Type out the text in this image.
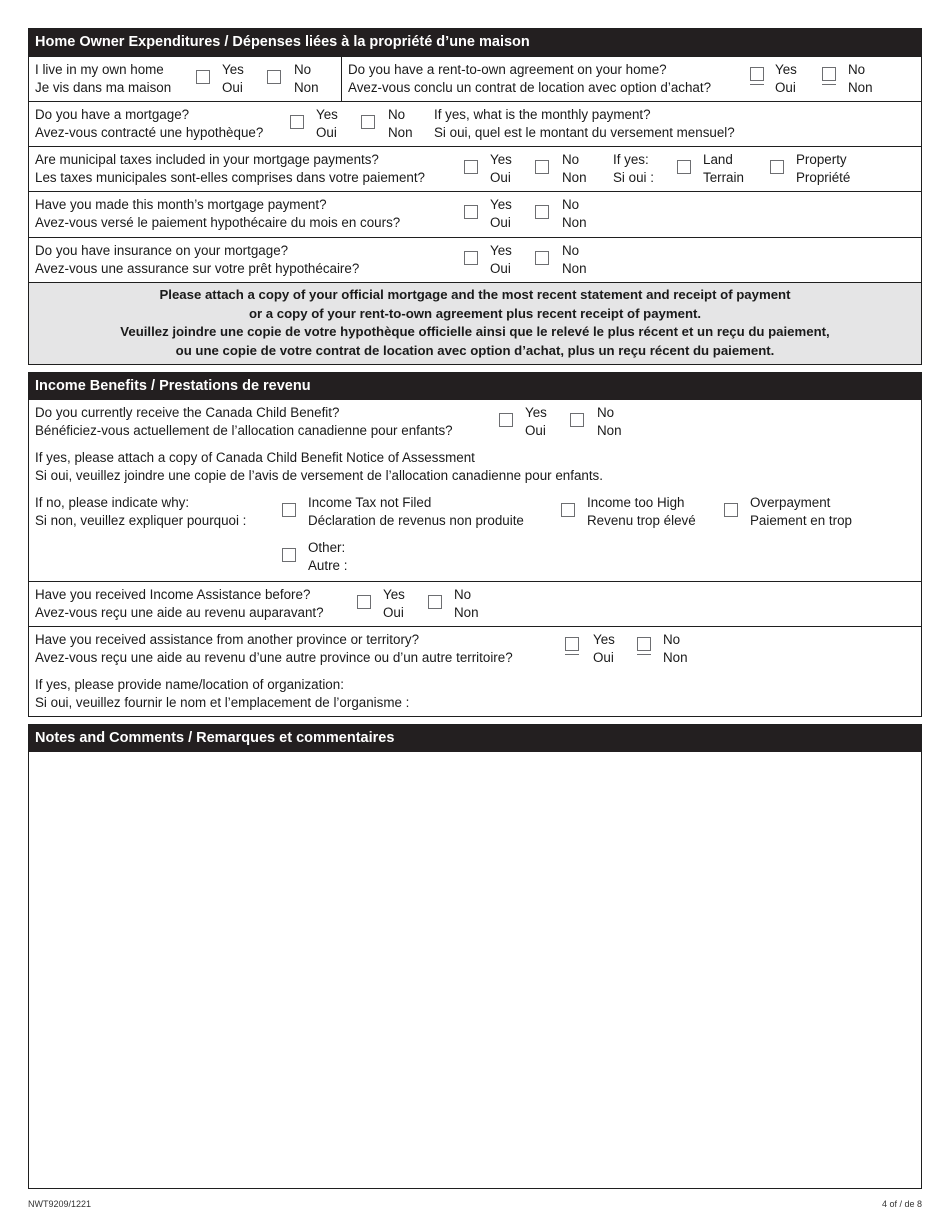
Home Owner Expenditures / Dépenses liées à la propriété d’une maison
I live in my own home
Je vis dans ma maison
Yes
Oui
No
Non
Do you have a rent-to-own agreement on your home?
Avez-vous conclu un contrat de location avec option d’achat?
Yes
Oui
No
Non
Do you have a mortgage?
Avez-vous contracté une hypothèque?
Yes
Oui
No
Non
If yes, what is the monthly payment?
Si oui, quel est le montant du versement mensuel?
Are municipal taxes included in your mortgage payments?
Les taxes municipales sont-elles comprises dans votre paiement?
Yes
Oui
No
Non
If yes:
Si oui :
Land
Terrain
Property
Propriété
Have you made this month’s mortgage payment?
Avez-vous versé le paiement hypothécaire du mois en cours?
Yes
Oui
No
Non
Do you have insurance on your mortgage?
Avez-vous une assurance sur votre prêt hypothécaire?
Yes
Oui
No
Non
Please attach a copy of your official mortgage and the most recent statement and receipt of payment
or a copy of your rent-to-own agreement plus recent receipt of payment.
Veuillez joindre une copie de votre hypothèque officielle ainsi que le relevé le plus récent et un reçu du paiement,
ou une copie de votre contrat de location avec option d’achat, plus un reçu récent du paiement.
Income Benefits / Prestations de revenu
Do you currently receive the Canada Child Benefit?
Bénéficiez-vous actuellement de l’allocation canadienne pour enfants?
Yes
Oui
No
Non
If yes, please attach a copy of Canada Child Benefit Notice of Assessment
Si oui, veuillez joindre une copie de l’avis de versement de l’allocation canadienne pour enfants.
If no, please indicate why:
Si non, veuillez expliquer pourquoi :
Income Tax not Filed
Déclaration de revenus non produite
Income too High
Revenu trop élevé
Overpayment
Paiement en trop
Other:
Autre :
Have you received Income Assistance before?
Avez-vous reçu une aide au revenu auparavant?
Yes
Oui
No
Non
Have you received assistance from another province or territory?
Avez-vous reçu une aide au revenu d’une autre province ou d’un autre territoire?
Yes
Oui
No
Non
If yes, please provide name/location of organization:
Si oui, veuillez fournir le nom et l’emplacement de l’organisme :
Notes and Comments / Remarques et commentaires
NWT9209/1221	4 of / de 8
